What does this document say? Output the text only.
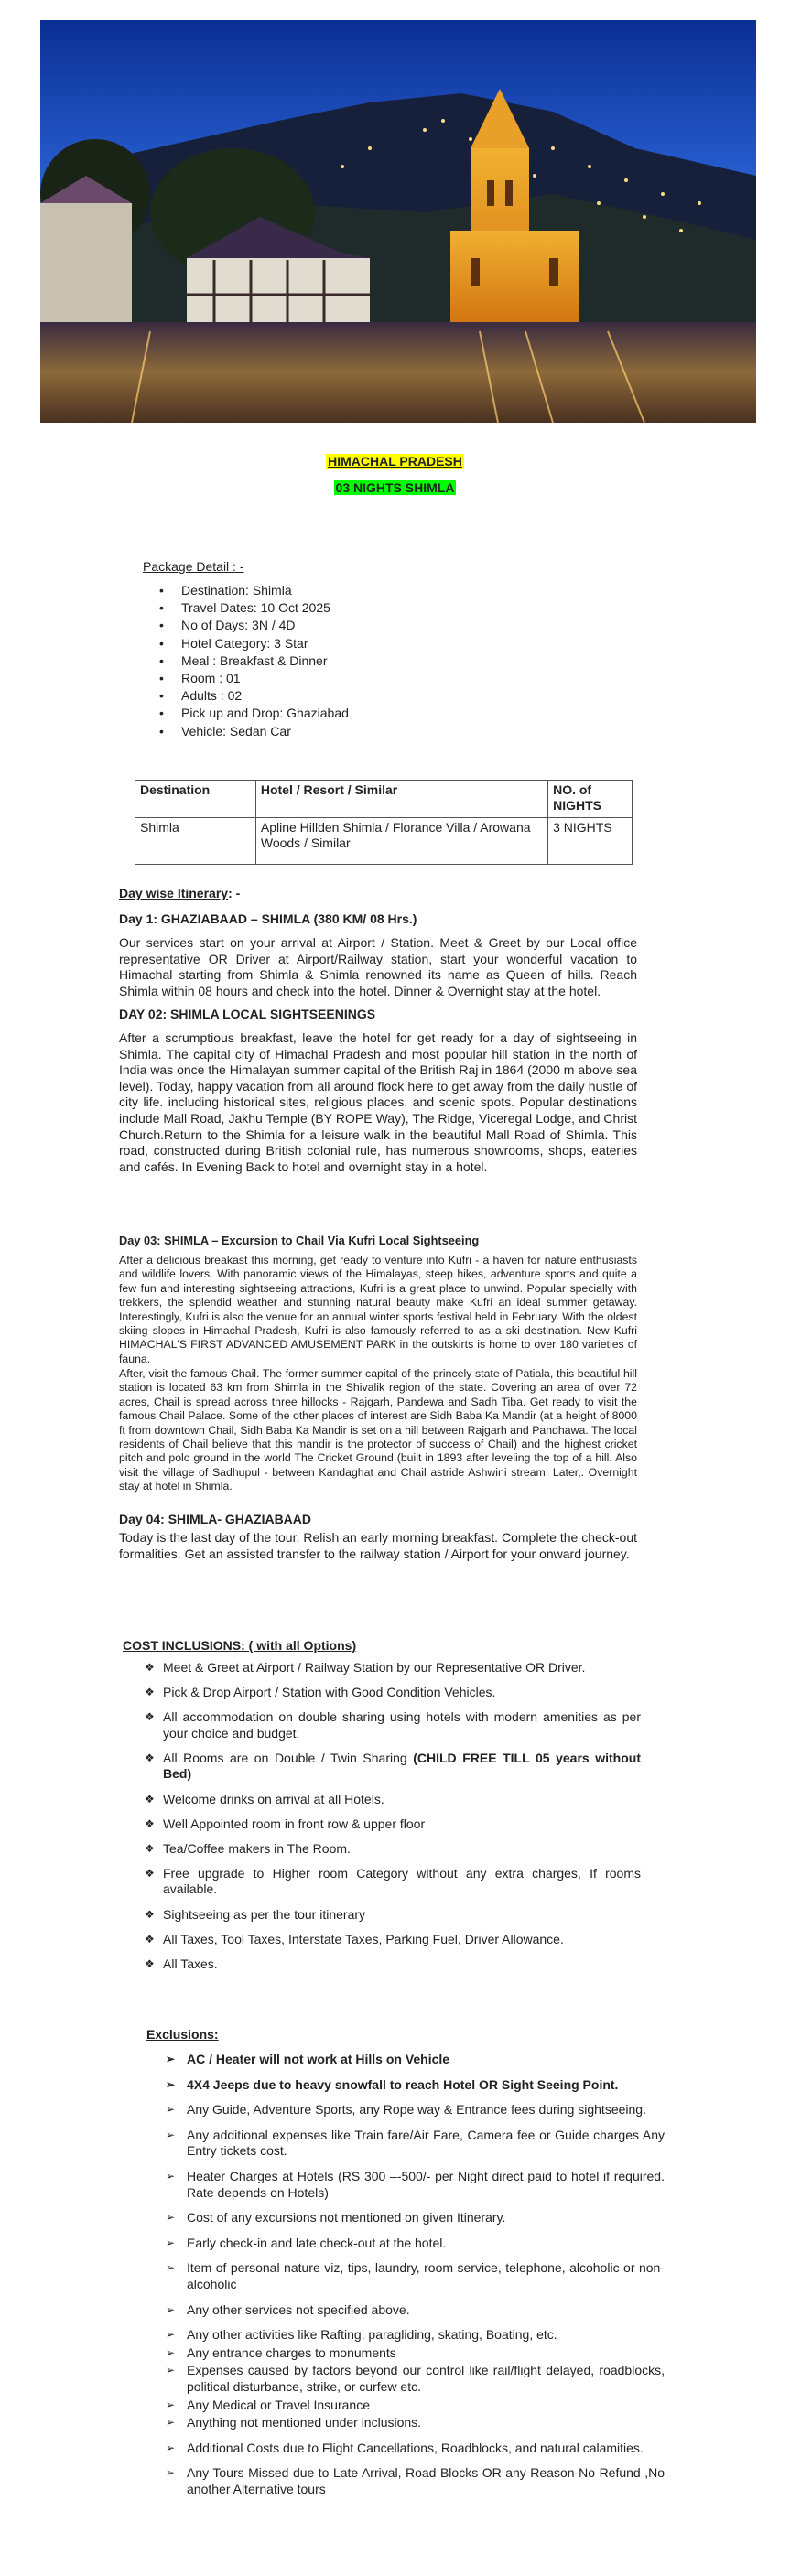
HIMACHAL PRADESH
03 NIGHTS SHIMLA
Package Detail : -
• Destination: Shimla
• Travel Dates: 10 Oct 2025
• No of Days: 3N / 4D
• Hotel Category: 3 Star
• Meal : Breakfast & Dinner
• Room : 01
• Adults : 02
• Pick up and Drop: Ghaziabad
• Vehicle: Sedan Car
Destination	Hotel / Resort / Similar	NO. of NIGHTS
Shimla	Apline Hillden Shimla / Florance Villa / Arowana Woods / Similar	3 NIGHTS
Day wise Itinerary: -
Day 1: GHAZIABAAD – SHIMLA (380 KM/ 08 Hrs.)
Our services start on your arrival at Airport / Station. Meet & Greet by our Local office representative OR Driver at Airport/Railway station, start your wonderful vacation to Himachal starting from Shimla & Shimla renowned its name as Queen of hills. Reach Shimla within 08 hours and check into the hotel. Dinner & Overnight stay at the hotel.
DAY 02: SHIMLA LOCAL SIGHTSEENINGS
After a scrumptious breakfast, leave the hotel for get ready for a day of sightseeing in Shimla. The capital city of Himachal Pradesh and most popular hill station in the north of India was once the Himalayan summer capital of the British Raj in 1864 (2000 m above sea level). Today, happy vacation from all around flock here to get away from the daily hustle of city life. including historical sites, religious places, and scenic spots. Popular destinations include Mall Road, Jakhu Temple (BY ROPE Way), The Ridge, Viceregal Lodge, and Christ Church.Return to the Shimla for a leisure walk in the beautiful Mall Road of Shimla. This road, constructed during British colonial rule, has numerous showrooms, shops, eateries and cafés. In Evening Back to hotel and overnight stay in a hotel.
Day 03: SHIMLA – Excursion to Chail Via Kufri Local Sightseeing
After a delicious breakast this morning, get ready to venture into Kufri - a haven for nature enthusiasts and wildlife lovers. With panoramic views of the Himalayas, steep hikes, adventure sports and quite a few fun and interesting sightseeing attractions, Kufri is a great place to unwind. Popular specially with trekkers, the splendid weather and stunning natural beauty make Kufri an ideal summer getaway. Interestingly, Kufri is also the venue for an annual winter sports festival held in February. With the oldest skiing slopes in Himachal Pradesh, Kufri is also famously referred to as a ski destination. New Kufri HIMACHAL'S FIRST ADVANCED AMUSEMENT PARK in the outskirts is home to over 180 varieties of fauna.
After, visit the famous Chail. The former summer capital of the princely state of Patiala, this beautiful hill station is located 63 km from Shimla in the Shivalik region of the state. Covering an area of over 72 acres, Chail is spread across three hillocks - Rajgarh, Pandewa and Sadh Tiba. Get ready to visit the famous Chail Palace. Some of the other places of interest are Sidh Baba Ka Mandir (at a height of 8000 ft from downtown Chail, Sidh Baba Ka Mandir is set on a hill between Rajgarh and Pandhawa. The local residents of Chail believe that this mandir is the protector of success of Chail) and the highest cricket pitch and polo ground in the world The Cricket Ground (built in 1893 after leveling the top of a hill. Also visit the village of Sadhupul - between Kandaghat and Chail astride Ashwini stream. Later,. Overnight stay at hotel in Shimla.
Day 04: SHIMLA- GHAZIABAAD
Today is the last day of the tour. Relish an early morning breakfast. Complete the check-out formalities. Get an assisted transfer to the railway station / Airport for your onward journey.
COST INCLUSIONS: ( with all Options)
❖ Meet & Greet at Airport / Railway Station by our Representative OR Driver.
❖ Pick & Drop Airport / Station with Good Condition Vehicles.
❖ All accommodation on double sharing using hotels with modern amenities as per your choice and budget.
❖ All Rooms are on Double / Twin Sharing (CHILD FREE TILL 05 years without Bed)
❖ Welcome drinks on arrival at all Hotels.
❖ Well Appointed room in front row & upper floor
❖ Tea/Coffee makers in The Room.
❖ Free upgrade to Higher room Category without any extra charges, If rooms available.
❖ Sightseeing as per the tour itinerary
❖ All Taxes, Tool Taxes, Interstate Taxes, Parking Fuel, Driver Allowance.
❖ All Taxes.
Exclusions:
➢ AC / Heater will not work at Hills on Vehicle
➢ 4X4 Jeeps due to heavy snowfall to reach Hotel OR Sight Seeing Point.
➢ Any Guide, Adventure Sports, any Rope way & Entrance fees during sightseeing.
➢ Any additional expenses like Train fare/Air Fare, Camera fee or Guide charges Any Entry tickets cost.
➢ Heater Charges at Hotels (RS 300 –-500/- per Night direct paid to hotel if required. Rate depends on Hotels)
➢ Cost of any excursions not mentioned on given Itinerary.
➢ Early check-in and late check-out at the hotel.
➢ Item of personal nature viz, tips, laundry, room service, telephone, alcoholic or non-alcoholic
➢ Any other services not specified above.
➢ Any other activities like Rafting, paragliding, skating, Boating, etc.
➢ Any entrance charges to monuments
➢ Expenses caused by factors beyond our control like rail/flight delayed, roadblocks, political disturbance, strike, or curfew etc.
➢ Any Medical or Travel Insurance
➢ Anything not mentioned under inclusions.
➢ Additional Costs due to Flight Cancellations, Roadblocks, and natural calamities.
➢ Any Tours Missed due to Late Arrival, Road Blocks OR any Reason-No Refund ,No another Alternative tours
